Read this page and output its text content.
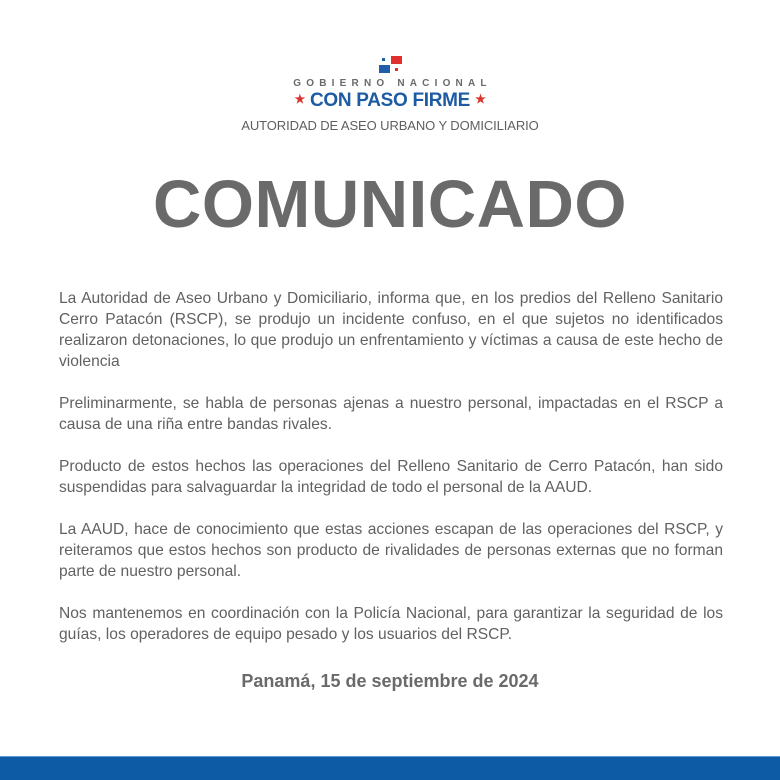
GOBIERNO NACIONAL
★ CON PASO FIRME ★
AUTORIDAD DE ASEO URBANO Y DOMICILIARIO
COMUNICADO

La Autoridad de Aseo Urbano y Domiciliario, informa que, en los predios del Relleno Sanitario Cerro Patacón (RSCP), se produjo un incidente confuso, en el que sujetos no identificados realizaron detonaciones, lo que produjo un enfrentamiento y víctimas a causa de este hecho de violencia

Preliminarmente, se habla de personas ajenas a nuestro personal, impactadas en el RSCP a causa de una riña entre bandas rivales.

Producto de estos hechos las operaciones del Relleno Sanitario de Cerro Patacón, han sido suspendidas para salvaguardar la integridad de todo el personal de la AAUD.

La AAUD, hace de conocimiento que estas acciones escapan de las operaciones del RSCP, y reiteramos que estos hechos son producto de rivalidades de personas externas que no forman parte de nuestro personal.

Nos mantenemos en coordinación con la Policía Nacional, para garantizar la seguridad de los guías, los operadores de equipo pesado y los usuarios del RSCP.

Panamá, 15 de septiembre de 2024
